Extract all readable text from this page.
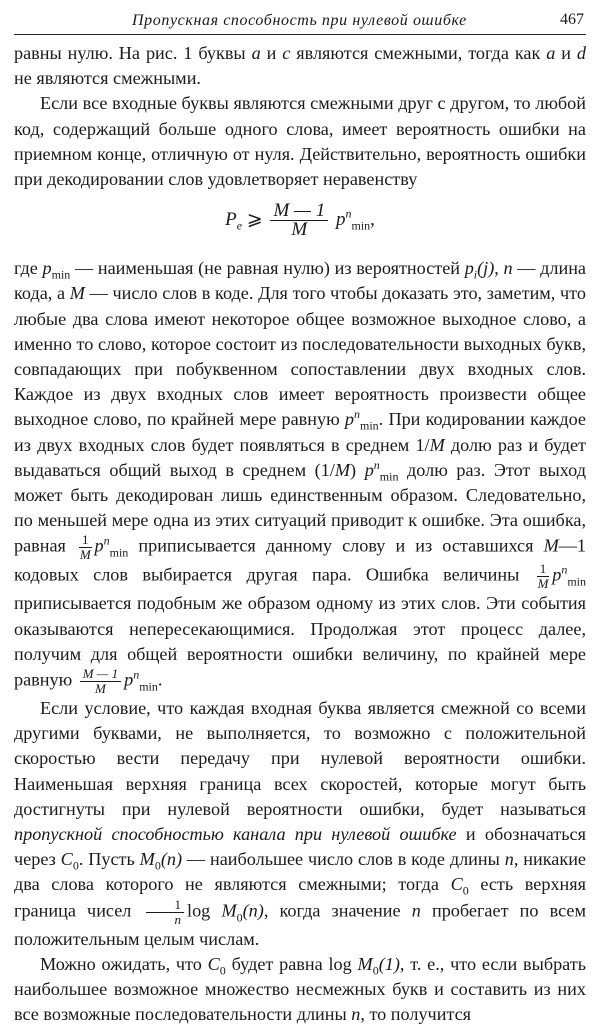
Пропускная способность при нулевой ошибке	467

равны нулю. На рис. 1 буквы a и c являются смежными, тогда как a и d не являются смежными.

Если все входные буквы являются смежными друг с другом, то любой код, содержащий больше одного слова, имеет вероятность ошибки на приемном конце, отличную от нуля. Действительно, вероятность ошибки при декодировании слов удовлетворяет неравенству

$P_e$ ⩾ $\frac{M — 1}{M} p^n_{min}$,

где $p_{min}$ — наименьшая (не равная нулю) из вероятностей $p_i(j)$, n — длина кода, а M — число слов в коде. Для того чтобы доказать это, заметим, что любые два слова имеют некоторое общее возможное выходное слово, а именно то слово, которое состоит из последовательности выходных букв, совпадающих при побуквенном сопоставлении двух входных слов. Каждое из двух входных слов имеет вероятность произвести общее выходное слово, по крайней мере равную $p^n_{min}$. При кодировании каждое из двух входных слов будет появляться в среднем 1/M долю раз и будет выдаваться общий выход в среднем (1/M) $p^n_{min}$ долю раз. Этот выход может быть декодирован лишь единственным образом. Следовательно, по меньшей мере одна из этих ситуаций приводит к ошибке. Эта ошибка, равная $\frac{1}{M} p^n_{min}$ приписывается данному слову и из оставшихся M—1 кодовых слов выбирается другая пара. Ошибка величины $\frac{1}{M} p^n_{min}$ приписывается подобным же образом одному из этих слов. Эти события оказываются непересекающимися. Продолжая этот процесс далее, получим для общей вероятности ошибки величину, по крайней мере равную $\frac{M — 1}{M} p^n_{min}$.

Если условие, что каждая входная буква является смежной со всеми другими буквами, не выполняется, то возможно с положительной скоростью вести передачу при нулевой вероятности ошибки. Наименьшая верхняя граница всех скоростей, которые могут быть достигнуты при нулевой вероятности ошибки, будет называться пропускной способностью канала при нулевой ошибке и обозначаться через $C_0$. Пусть $M_0(n)$ — наибольшее число слов в коде длины n, никакие два слова которого не являются смежными; тогда $C_0$ есть верхняя граница чисел $\frac{1}{n}$ $\log M_0(n)$, когда значение n пробегает по всем положительным целым числам.

Можно ожидать, что $C_0$ будет равна $\log M_0(1)$, т. е., что если выбрать наибольшее возможное множество несмежных букв и составить из них все возможные последовательности длины n, то получится
